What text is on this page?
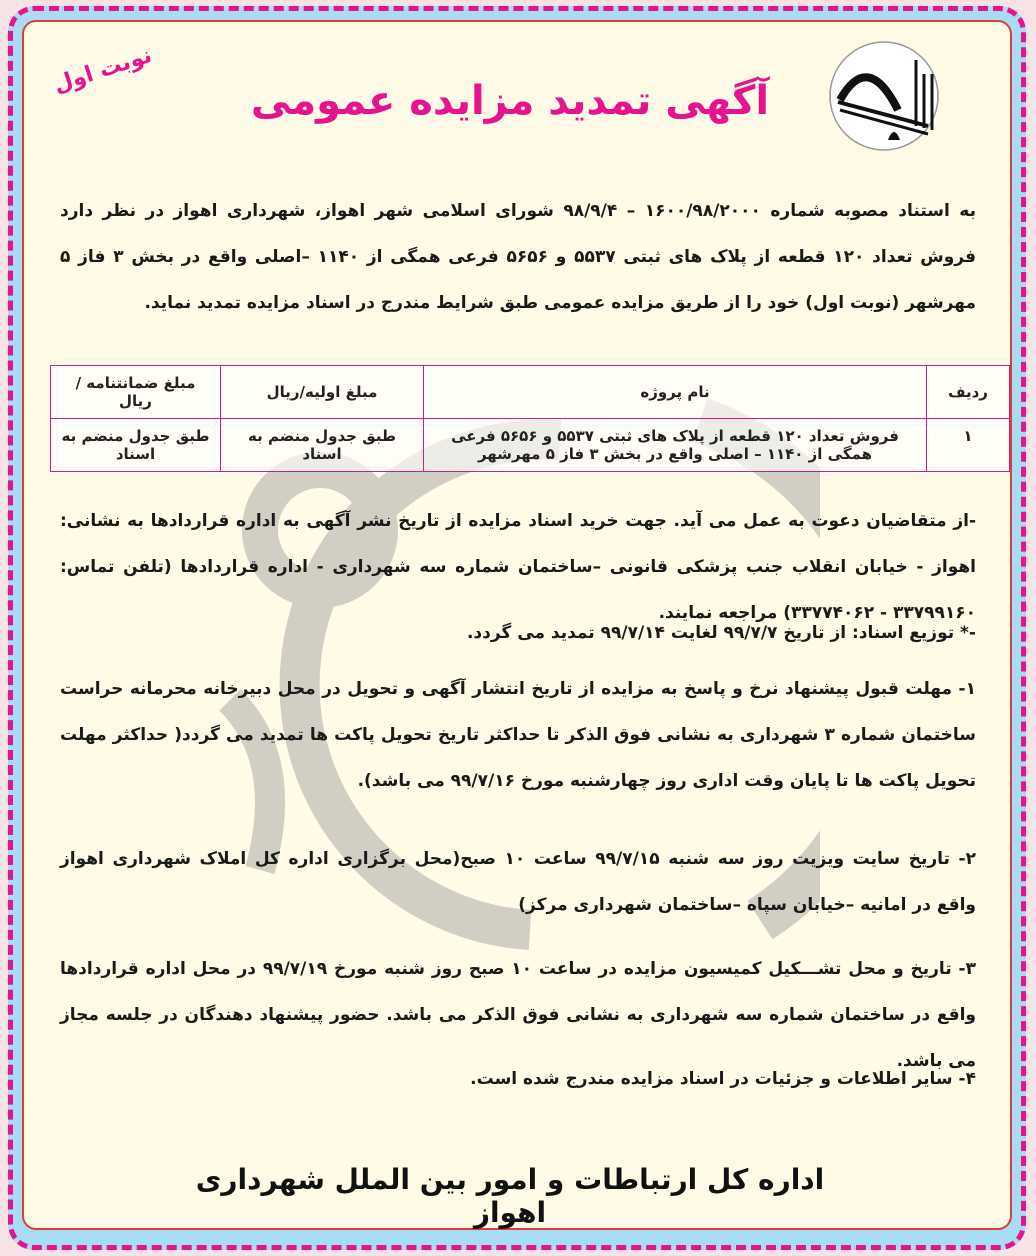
نوبت اول
آگهی تمدید مزایده عمومی
به استناد مصوبه شماره ۱۶۰۰/۹۸/۲۰۰۰ – ۹۸/۹/۴ شورای اسلامی شهر اهواز، شهرداری اهواز در نظر دارد فروش تعداد ۱۲۰ قطعه از پلاک های ثبتی ۵۵۳۷ و ۵۶۵۶ فرعی همگی از ۱۱۴۰ –اصلی واقع در بخش ۳ فاز ۵ مهرشهر (نوبت اول) خود را از طریق مزایده عمومی طبق شرایط مندرج در اسناد مزایده تمدید نماید.
ردیف	نام پروژه	مبلغ اولیه/ریال	مبلغ ضمانتنامه / ریال
۱	فروش تعداد ۱۲۰ قطعه از پلاک های ثبتی ۵۵۳۷ و ۵۶۵۶ فرعی همگی از ۱۱۴۰ – اصلی واقع در بخش ۳ فاز ۵ مهرشهر	طبق جدول منضم به اسناد	طبق جدول منضم به اسناد
-از متقاضیان دعوت به عمل می آید. جهت خرید اسناد مزایده از تاریخ نشر آگهی به اداره قراردادها به نشانی: اهواز - خیابان انقلاب جنب پزشکی قانونی –ساختمان شماره سه شهرداری - اداره قراردادها (تلفن تماس: ۳۳۷۹۹۱۶۰ - ۳۳۷۷۴۰۶۲) مراجعه نمایند.
-* توزیع اسناد: از تاریخ ۹۹/۷/۷ لغایت ۹۹/۷/۱۴ تمدید می گردد.
۱- مهلت قبول پیشنهاد نرخ و پاسخ به مزایده از تاریخ انتشار آگهی و تحویل در محل دبیرخانه محرمانه حراست ساختمان شماره ۳ شهرداری به نشانی فوق الذکر تا حداکثر تاریخ تحویل پاکت ها تمدید می گردد( حداکثر مهلت تحویل پاکت ها تا پایان وقت اداری روز چهارشنبه مورخ ۹۹/۷/۱۶ می باشد).
۲- تاریخ سایت ویزیت روز سه شنبه ۹۹/۷/۱۵ ساعت ۱۰ صبح(محل برگزاری اداره کل املاک شهرداری اهواز واقع در امانیه –خیابان سپاه –ساختمان شهرداری مرکز)
۳- تاریخ و محل تشـــکیل کمیسیون مزایده در ساعت ۱۰ صبح روز شنبه مورخ ۹۹/۷/۱۹ در محل اداره قراردادها واقع در ساختمان شماره سه شهرداری به نشانی فوق الذکر می باشد. حضور پیشنهاد دهندگان در جلسه مجاز می باشد.
۴- سایر اطلاعات و جزئیات در اسناد مزایده مندرج شده است.
اداره کل ارتباطات و امور بین الملل شهرداری اهواز
